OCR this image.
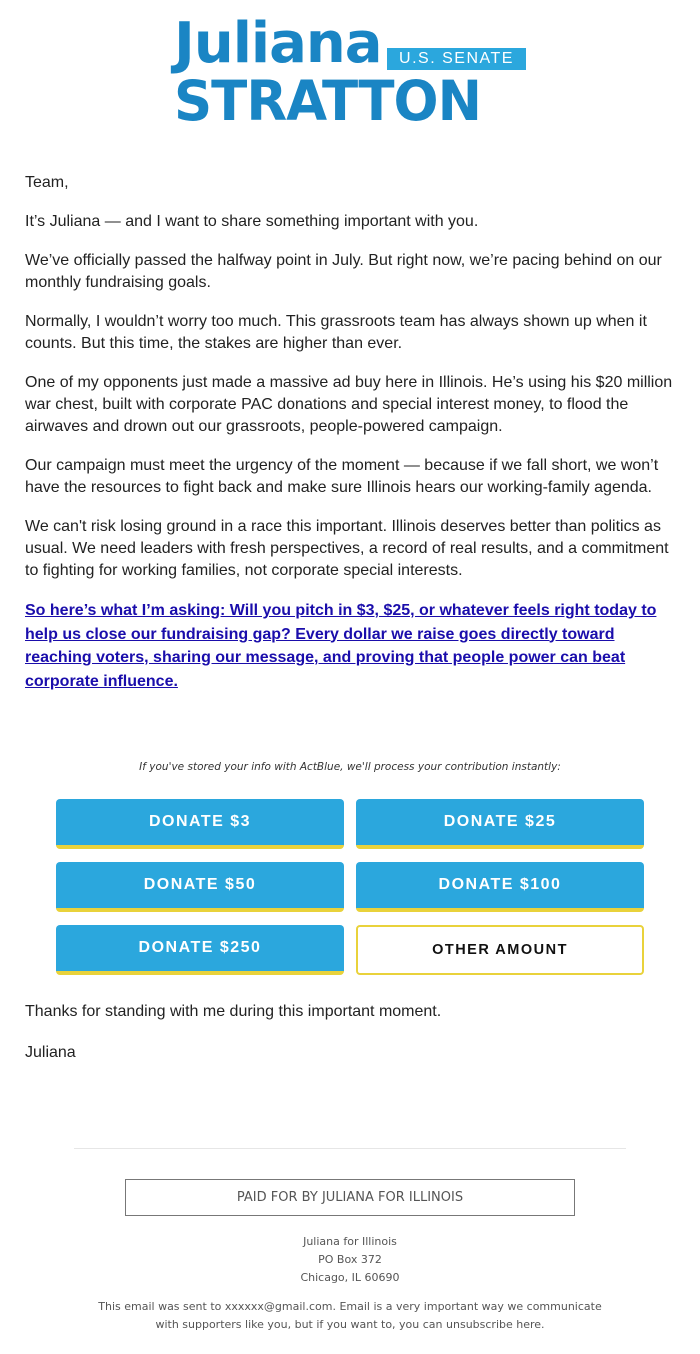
Juliana	U.S. SENATE
STRATTON

Team,

It’s Juliana — and I want to share something important with you.

We’ve officially passed the halfway point in July. But right now, we’re pacing behind on our monthly fundraising goals.

Normally, I wouldn’t worry too much. This grassroots team has always shown up when it counts. But this time, the stakes are higher than ever.

One of my opponents just made a massive ad buy here in Illinois. He’s using his $20 million war chest, built with corporate PAC donations and special interest money, to flood the airwaves and drown out our grassroots, people-powered campaign.

Our campaign must meet the urgency of the moment — because if we fall short, we won’t have the resources to fight back and make sure Illinois hears our working-family agenda.

We can't risk losing ground in a race this important. Illinois deserves better than politics as usual. We need leaders with fresh perspectives, a record of real results, and a commitment to fighting for working families, not corporate special interests.

So here’s what I’m asking: Will you pitch in $3, $25, or whatever feels right today to help us close our fundraising gap? Every dollar we raise goes directly toward reaching voters, sharing our message, and proving that people power can beat corporate influence.
If you've stored your info with ActBlue, we'll process your contribution instantly:
DONATE $3	DONATE $25
DONATE $50	DONATE $100
DONATE $250	OTHER AMOUNT
Thanks for standing with me during this important moment.
Juliana
PAID FOR BY JULIANA FOR ILLINOIS
Juliana for Illinois
PO Box 372
Chicago, IL 60690
This email was sent to xxxxxx@gmail.com. Email is a very important way we communicate with supporters like you, but if you want to, you can unsubscribe here.
